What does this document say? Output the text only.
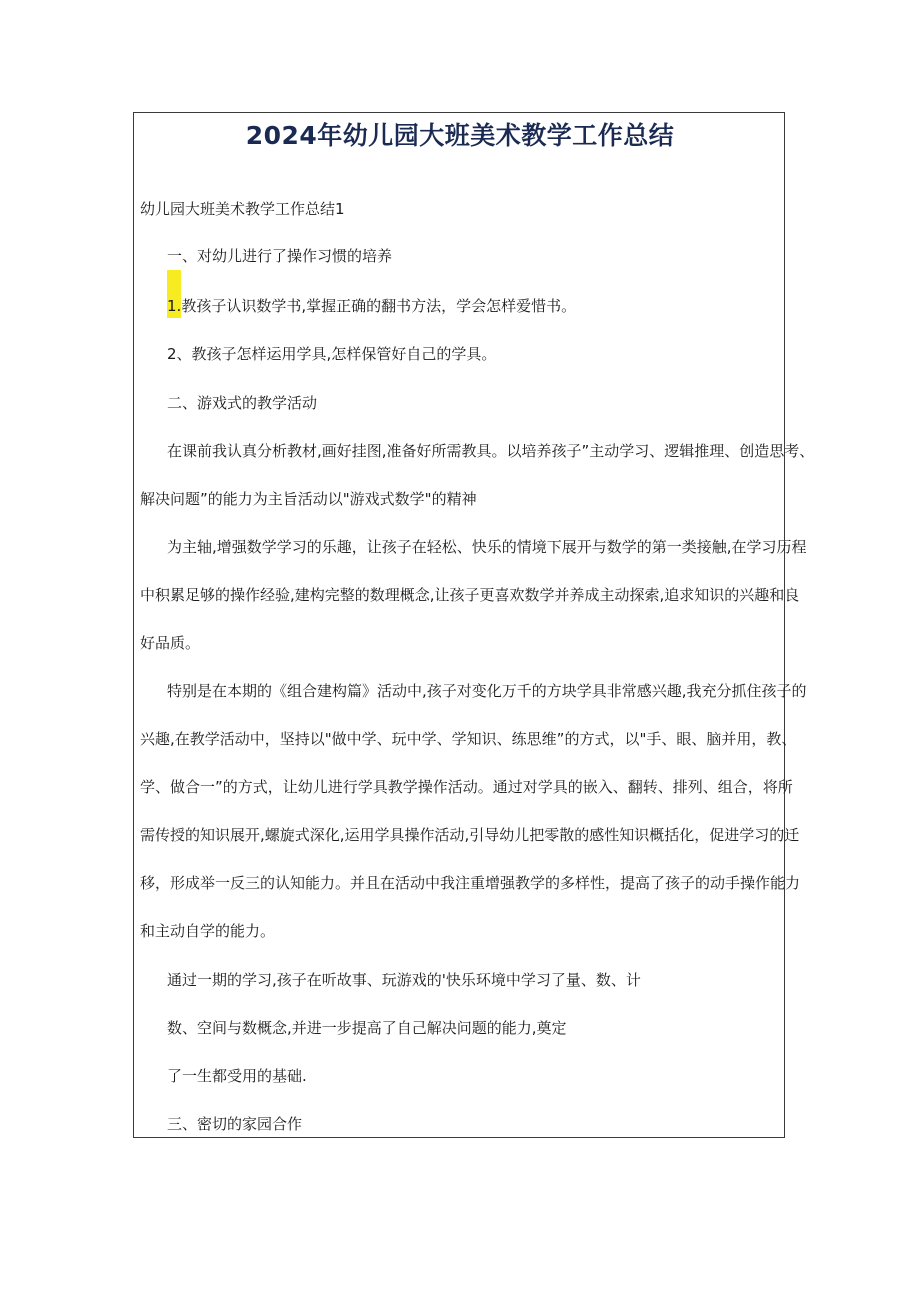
2024年幼儿园大班美术教学工作总结
幼儿园大班美术教学工作总结1
一、对幼儿进行了操作习惯的培养
1.教孩子认识数学书,掌握正确的翻书方法，学会怎样爱惜书。
2、教孩子怎样运用学具,怎样保管好自己的学具。
二、游戏式的教学活动
在课前我认真分析教材,画好挂图,准备好所需教具。以培养孩子”主动学习、逻辑推理、创造思考、
解决问题”的能力为主旨活动以"游戏式数学"的精神
为主轴,增强数学学习的乐趣，让孩子在轻松、快乐的情境下展开与数学的第一类接触,在学习历程
中积累足够的操作经验,建构完整的数理概念,让孩子更喜欢数学并养成主动探索,追求知识的兴趣和良
好品质。
特别是在本期的《组合建构篇》活动中,孩子对变化万千的方块学具非常感兴趣,我充分抓住孩子的
兴趣,在教学活动中，坚持以"做中学、玩中学、学知识、练思维”的方式，以"手、眼、脑并用，教、
学、做合一”的方式，让幼儿进行学具教学操作活动。通过对学具的嵌入、翻转、排列、组合，将所
需传授的知识展开,螺旋式深化,运用学具操作活动,引导幼儿把零散的感性知识概括化，促进学习的迁
移，形成举一反三的认知能力。并且在活动中我注重增强教学的多样性，提高了孩子的动手操作能力
和主动自学的能力。
通过一期的学习,孩子在听故事、玩游戏的'快乐环境中学习了量、数、计
数、空间与数概念,并进一步提高了自己解决问题的能力,奠定
了一生都受用的基础.
三、密切的家园合作
